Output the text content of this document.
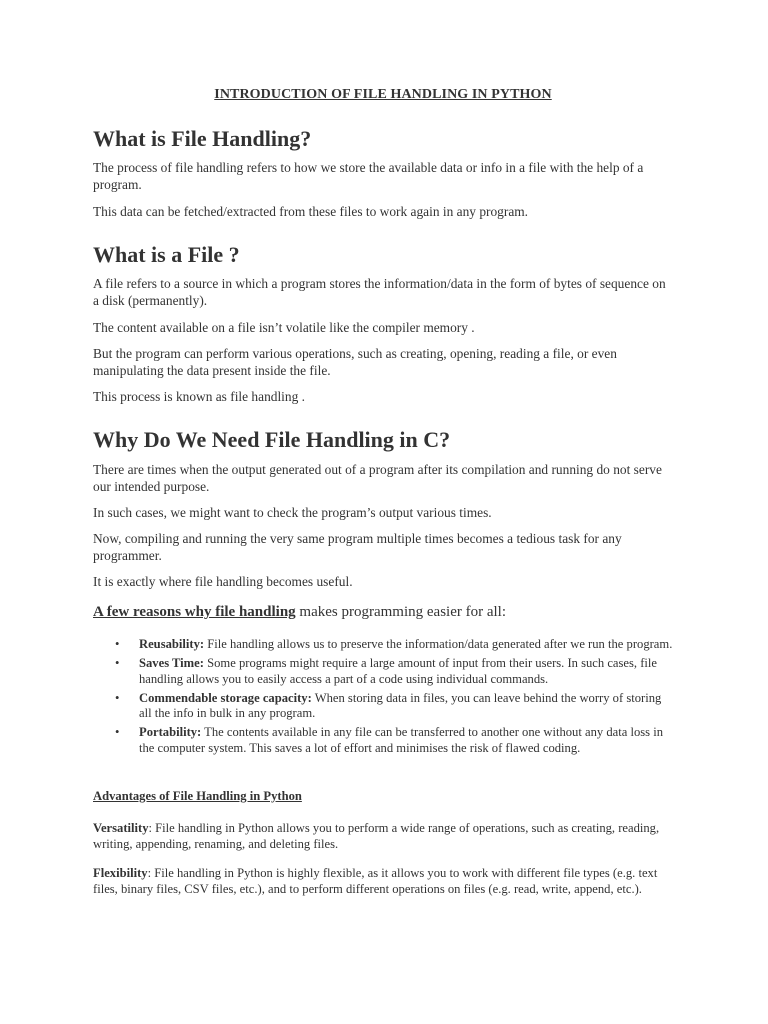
INTRODUCTION OF FILE HANDLING IN PYTHON
What is File Handling?
The process of file handling refers to how we store the available data or info in a file with the help of a program.
This data can be fetched/extracted from these files to work again in any program.
What is a File ?
A file refers to a source in which a program stores the information/data in the form of bytes of sequence on a disk (permanently).
The content available on a file isn’t volatile like the compiler memory .
But the program can perform various operations, such as creating, opening, reading a file, or even manipulating the data present inside the file.
This process is known as file handling .
Why Do We Need File Handling in C?
There are times when the output generated out of a program after its compilation and running do not serve our intended purpose.
In such cases, we might want to check the program’s output various times.
Now, compiling and running the very same program multiple times becomes a tedious task for any programmer.
It is exactly where file handling becomes useful.
A few reasons why file handling makes programming easier for all:
• Reusability: File handling allows us to preserve the information/data generated after we run the program.
• Saves Time: Some programs might require a large amount of input from their users. In such cases, file handling allows you to easily access a part of a code using individual commands.
• Commendable storage capacity: When storing data in files, you can leave behind the worry of storing all the info in bulk in any program.
• Portability: The contents available in any file can be transferred to another one without any data loss in the computer system. This saves a lot of effort and minimises the risk of flawed coding.
Advantages of File Handling in Python
Versatility: File handling in Python allows you to perform a wide range of operations, such as creating, reading, writing, appending, renaming, and deleting files.
Flexibility: File handling in Python is highly flexible, as it allows you to work with different file types (e.g. text files, binary files, CSV files, etc.), and to perform different operations on files (e.g. read, write, append, etc.).
